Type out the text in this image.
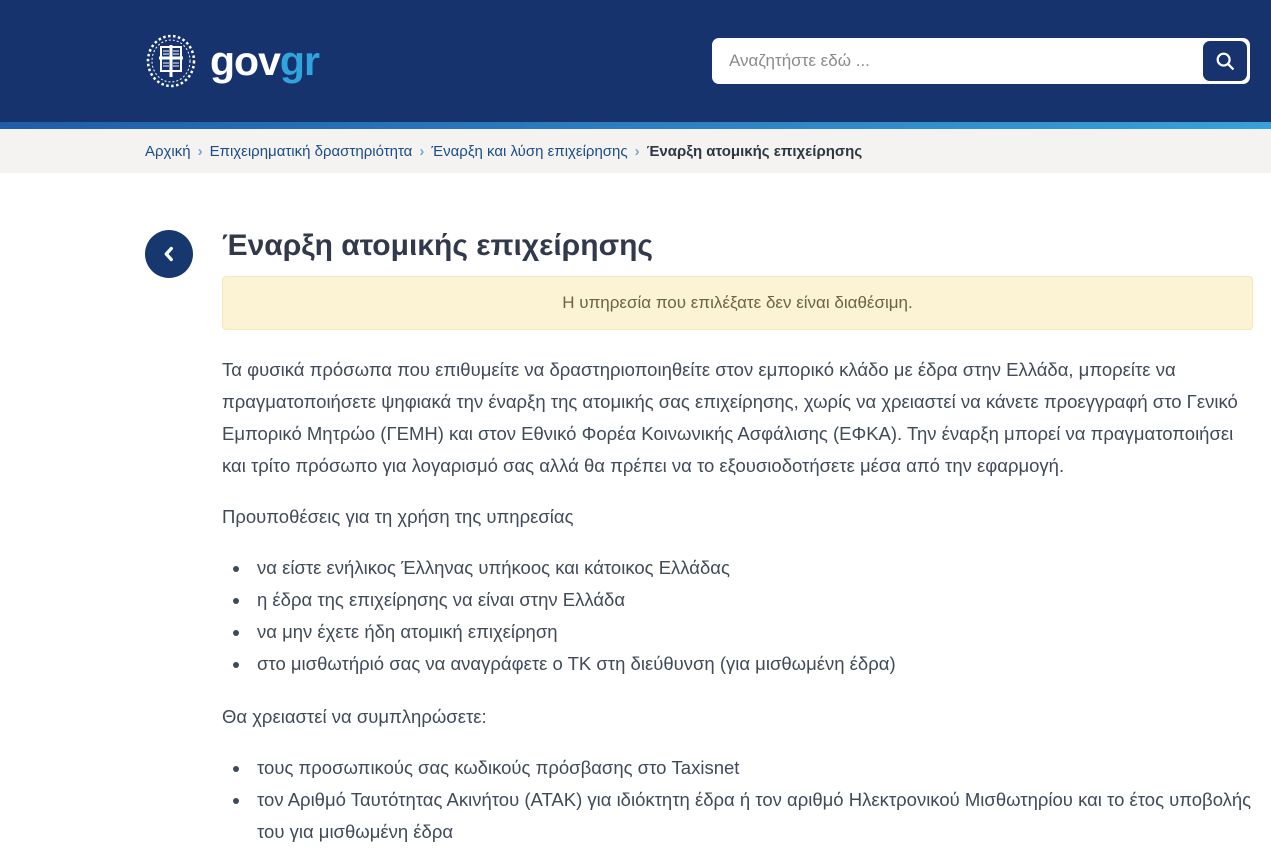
govgr
Αναζητήστε εδώ ...
Αρχική › Επιχειρηματική δραστηριότητα › Έναρξη και λύση επιχείρησης › Έναρξη ατομικής επιχείρησης
Έναρξη ατομικής επιχείρησης
Η υπηρεσία που επιλέξατε δεν είναι διαθέσιμη.

Τα φυσικά πρόσωπα που επιθυμείτε να δραστηριοποιηθείτε στον εμπορικό κλάδο με έδρα στην Ελλάδα, μπορείτε να πραγματοποιήσετε ψηφιακά την έναρξη της ατομικής σας επιχείρησης, χωρίς να χρειαστεί να κάνετε προεγγραφή στο Γενικό Εμπορικό Μητρώο (ΓΕΜΗ) και στον Εθνικό Φορέα Κοινωνικής Ασφάλισης (ΕΦΚΑ). Την έναρξη μπορεί να πραγματοποιήσει και τρίτο πρόσωπο για λογαρισμό σας αλλά θα πρέπει να το εξουσιοδοτήσετε μέσα από την εφαρμογή.

Προυποθέσεις για τη χρήση της υπηρεσίας

• να είστε ενήλικος Έλληνας υπήκοος και κάτοικος Ελλάδας
• η έδρα της επιχείρησης να είναι στην Ελλάδα
• να μην έχετε ήδη ατομική επιχείρηση
• στο μισθωτήριό σας να αναγράφετε ο ΤΚ στη διεύθυνση (για μισθωμένη έδρα)

Θα χρειαστεί να συμπληρώσετε:

• τους προσωπικούς σας κωδικούς πρόσβασης στο Taxisnet
• τον Αριθμό Ταυτότητας Ακινήτου (ΑΤΑΚ) για ιδιόκτητη έδρα ή τον αριθμό Ηλεκτρονικού Μισθωτηρίου και το έτος υποβολής του για μισθωμένη έδρα
